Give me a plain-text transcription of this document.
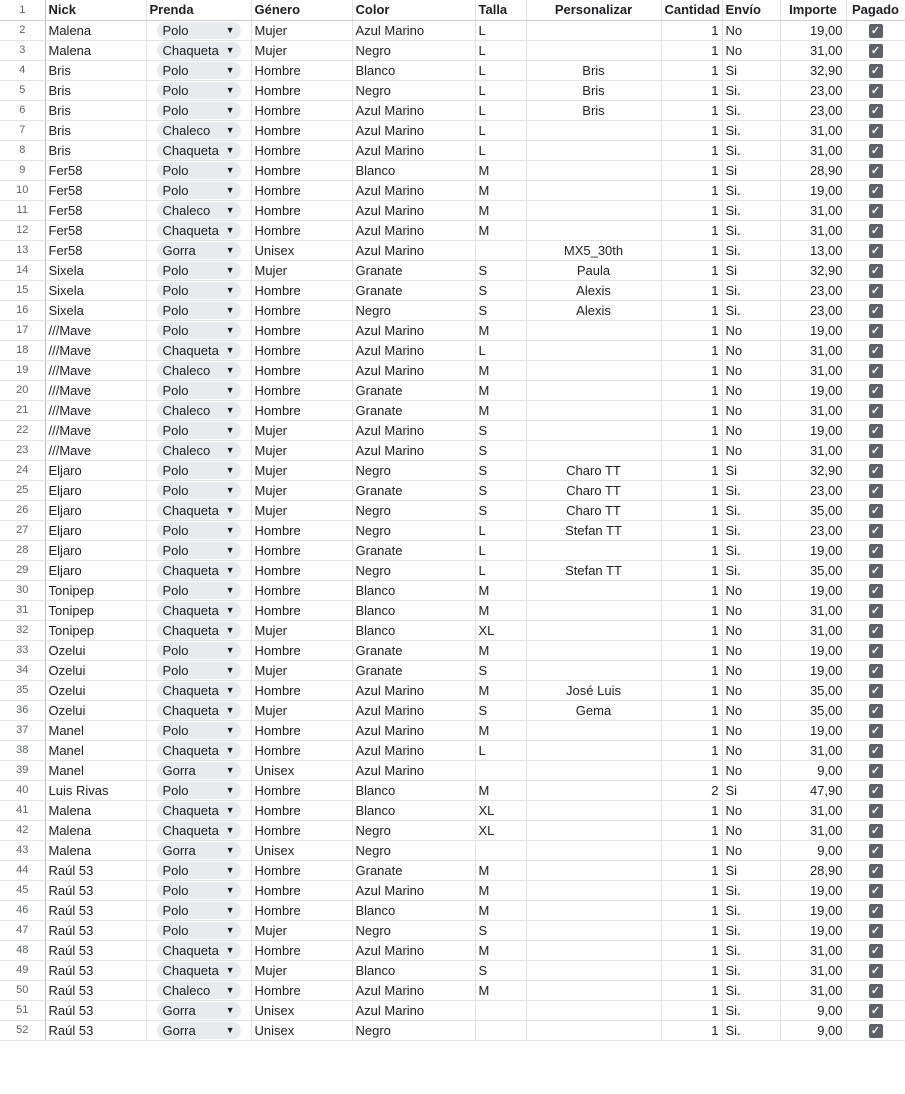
1	Nick	Prenda	Género	Color	Talla	Personalizar	Cantidad	Envío	Importe	Pagado
2	Malena	Polo ▼	Mujer	Azul Marino	L		1	No	19,00	✓
3	Malena	Chaqueta ▼	Mujer	Negro	L		1	No	31,00	✓
4	Bris	Polo ▼	Hombre	Blanco	L	Bris	1	Si	32,90	✓
5	Bris	Polo ▼	Hombre	Negro	L	Bris	1	Si.	23,00	✓
6	Bris	Polo ▼	Hombre	Azul Marino	L	Bris	1	Si.	23,00	✓
7	Bris	Chaleco ▼	Hombre	Azul Marino	L		1	Si.	31,00	✓
8	Bris	Chaqueta ▼	Hombre	Azul Marino	L		1	Si.	31,00	✓
9	Fer58	Polo ▼	Hombre	Blanco	M		1	Si	28,90	✓
10	Fer58	Polo ▼	Hombre	Azul Marino	M		1	Si.	19,00	✓
11	Fer58	Chaleco ▼	Hombre	Azul Marino	M		1	Si.	31,00	✓
12	Fer58	Chaqueta ▼	Hombre	Azul Marino	M		1	Si.	31,00	✓
13	Fer58	Gorra ▼	Unisex	Azul Marino		MX5_30th	1	Si.	13,00	✓
14	Sixela	Polo ▼	Mujer	Granate	S	Paula	1	Si	32,90	✓
15	Sixela	Polo ▼	Hombre	Granate	S	Alexis	1	Si.	23,00	✓
16	Sixela	Polo ▼	Hombre	Negro	S	Alexis	1	Si.	23,00	✓
17	///Mave	Polo ▼	Hombre	Azul Marino	M		1	No	19,00	✓
18	///Mave	Chaqueta ▼	Hombre	Azul Marino	L		1	No	31,00	✓
19	///Mave	Chaleco ▼	Hombre	Azul Marino	M		1	No	31,00	✓
20	///Mave	Polo ▼	Hombre	Granate	M		1	No	19,00	✓
21	///Mave	Chaleco ▼	Hombre	Granate	M		1	No	31,00	✓
22	///Mave	Polo ▼	Mujer	Azul Marino	S		1	No	19,00	✓
23	///Mave	Chaleco ▼	Mujer	Azul Marino	S		1	No	31,00	✓
24	Eljaro	Polo ▼	Mujer	Negro	S	Charo TT	1	Si	32,90	✓
25	Eljaro	Polo ▼	Mujer	Granate	S	Charo TT	1	Si.	23,00	✓
26	Eljaro	Chaqueta ▼	Mujer	Negro	S	Charo TT	1	Si.	35,00	✓
27	Eljaro	Polo ▼	Hombre	Negro	L	Stefan TT	1	Si.	23,00	✓
28	Eljaro	Polo ▼	Hombre	Granate	L		1	Si.	19,00	✓
29	Eljaro	Chaqueta ▼	Hombre	Negro	L	Stefan TT	1	Si.	35,00	✓
30	Tonipep	Polo ▼	Hombre	Blanco	M		1	No	19,00	✓
31	Tonipep	Chaqueta ▼	Hombre	Blanco	M		1	No	31,00	✓
32	Tonipep	Chaqueta ▼	Mujer	Blanco	XL		1	No	31,00	✓
33	Ozelui	Polo ▼	Hombre	Granate	M		1	No	19,00	✓
34	Ozelui	Polo ▼	Mujer	Granate	S		1	No	19,00	✓
35	Ozelui	Chaqueta ▼	Hombre	Azul Marino	M	José Luis	1	No	35,00	✓
36	Ozelui	Chaqueta ▼	Mujer	Azul Marino	S	Gema	1	No	35,00	✓
37	Manel	Polo ▼	Hombre	Azul Marino	M		1	No	19,00	✓
38	Manel	Chaqueta ▼	Hombre	Azul Marino	L		1	No	31,00	✓
39	Manel	Gorra ▼	Unisex	Azul Marino			1	No	9,00	✓
40	Luis Rivas	Polo ▼	Hombre	Blanco	M		2	Si	47,90	✓
41	Malena	Chaqueta ▼	Hombre	Blanco	XL		1	No	31,00	✓
42	Malena	Chaqueta ▼	Hombre	Negro	XL		1	No	31,00	✓
43	Malena	Gorra ▼	Unisex	Negro			1	No	9,00	✓
44	Raúl 53	Polo ▼	Hombre	Granate	M		1	Si	28,90	✓
45	Raúl 53	Polo ▼	Hombre	Azul Marino	M		1	Si.	19,00	✓
46	Raúl 53	Polo ▼	Hombre	Blanco	M		1	Si.	19,00	✓
47	Raúl 53	Polo ▼	Mujer	Negro	S		1	Si.	19,00	✓
48	Raúl 53	Chaqueta ▼	Hombre	Azul Marino	M		1	Si.	31,00	✓
49	Raúl 53	Chaqueta ▼	Mujer	Blanco	S		1	Si.	31,00	✓
50	Raúl 53	Chaleco ▼	Hombre	Azul Marino	M		1	Si.	31,00	✓
51	Raúl 53	Gorra ▼	Unisex	Azul Marino			1	Si.	9,00	✓
52	Raúl 53	Gorra ▼	Unisex	Negro			1	Si.	9,00	✓
